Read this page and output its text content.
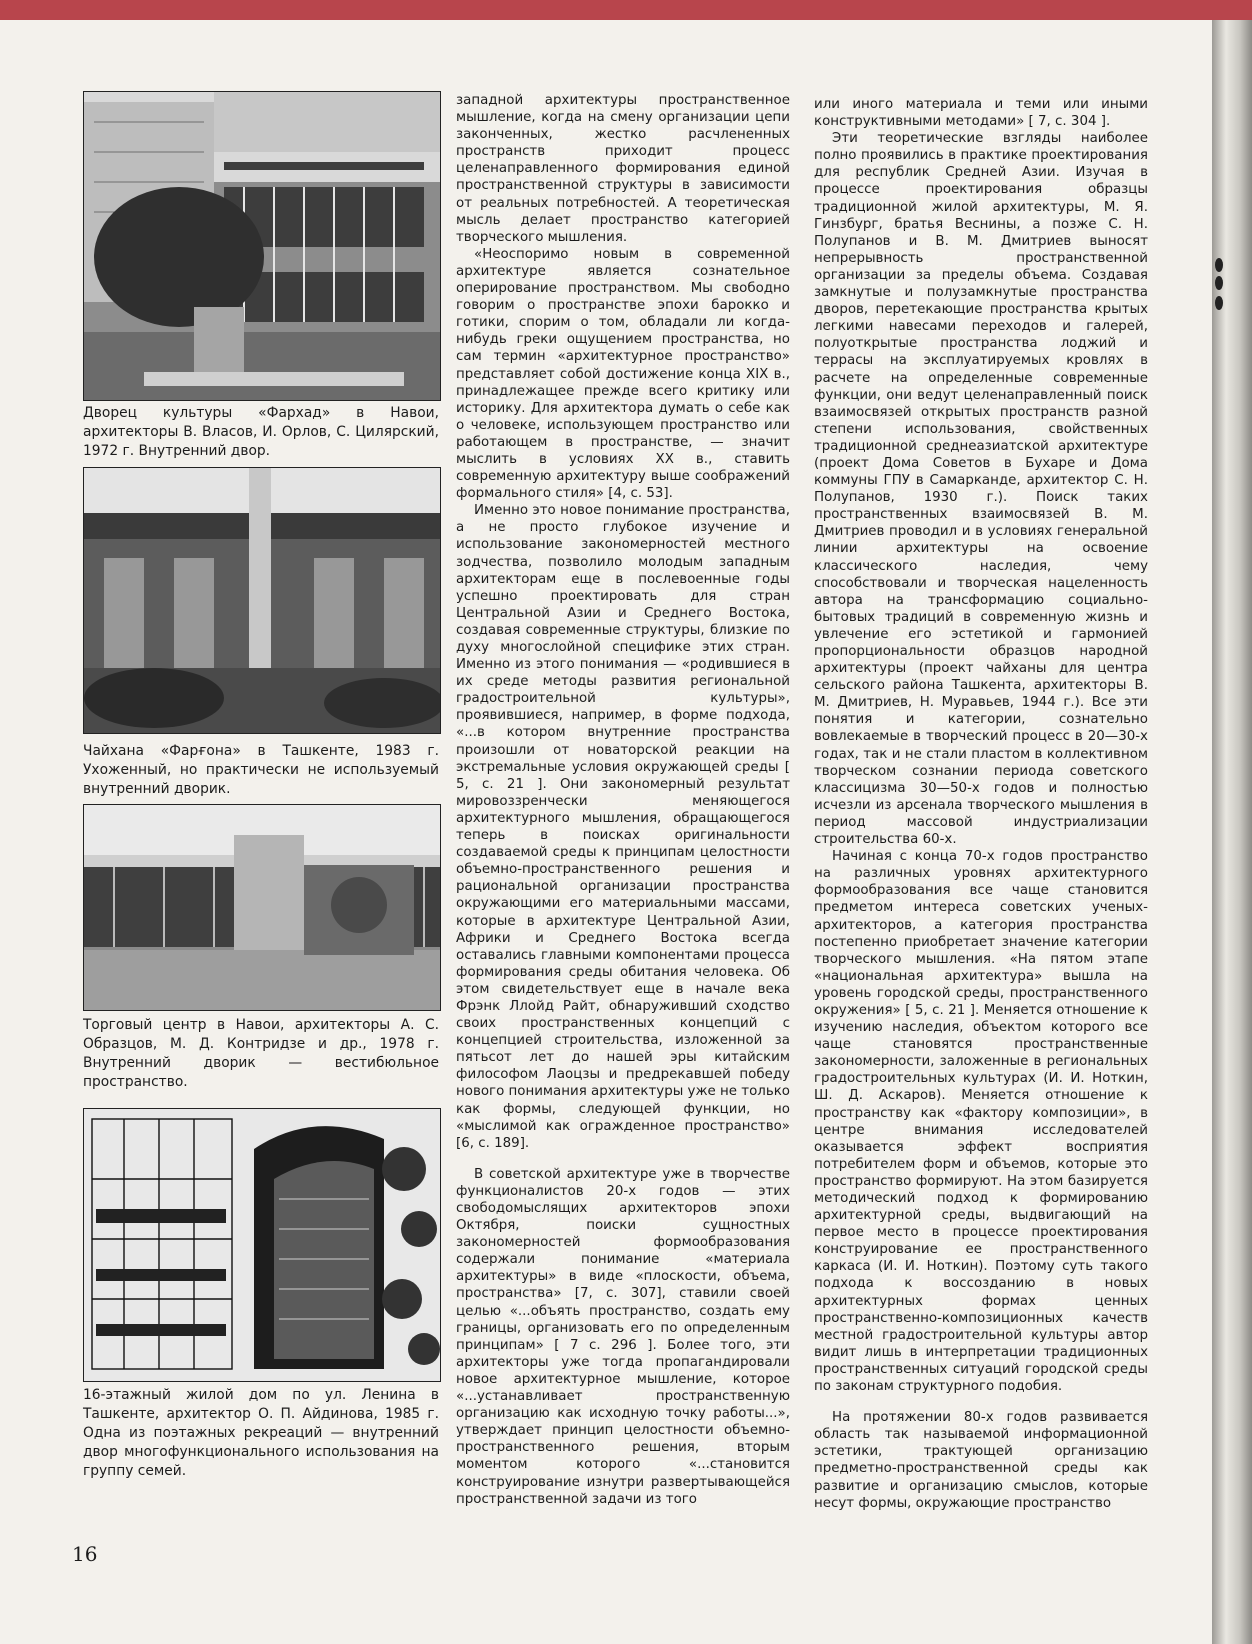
Дворец культуры «Фархад» в Навои, архитекторы В. Власов, И. Орлов, С. Цилярский, 1972 г. Внутренний двор.

Чайхана «Фарғона» в Ташкенте, 1983 г. Ухоженный, но практически не используемый внутренний дворик.

Торговый центр в Навои, архитекторы А. С. Образцов, М. Д. Контридзе и др., 1978 г. Внутренний дворик — вестибюльное пространство.

16-этажный жилой дом по ул. Ленина в Ташкенте, архитектор О. П. Айдинова, 1985 г. Одна из поэтажных рекреаций — внутренний двор многофункционального использования на группу семей.

западной архитектуры пространственное мышление, когда на смену организации цепи законченных, жестко расчлененных пространств приходит процесс целенаправленного формирования единой пространственной структуры в зависимости от реальных потребностей. А теоретическая мысль делает пространство категорией творческого мышления.

«Неоспоримо новым в современной архитектуре является сознательное оперирование пространством. Мы свободно говорим о пространстве эпохи барокко и готики, спорим о том, обладали ли когда-нибудь греки ощущением пространства, но сам термин «архитектурное пространство» представляет собой достижение конца XIX в., принадлежащее прежде всего критику или историку. Для архитектора думать о себе как о человеке, использующем пространство или работающем в пространстве, — значит мыслить в условиях XX в., ставить современную архитектуру выше соображений формального стиля» [4, с. 53].

Именно это новое понимание пространства, а не просто глубокое изучение и использование закономерностей местного зодчества, позволило молодым западным архитекторам еще в послевоенные годы успешно проектировать для стран Центральной Азии и Среднего Востока, создавая современные структуры, близкие по духу многослойной специфике этих стран. Именно из этого понимания — «родившиеся в их среде методы развития региональной градостроительной культуры», проявившиеся, например, в форме подхода, «...в котором внутренние пространства произошли от новаторской реакции на экстремальные условия окружающей среды [ 5, с. 21 ]. Они закономерный результат мировоззренчески меняющегося архитектурного мышления, обращающегося теперь в поисках оригинальности создаваемой среды к принципам целостности объемно-пространственного решения и рациональной организации пространства окружающими его материальными массами, которые в архитектуре Центральной Азии, Африки и Среднего Востока всегда оставались главными компонентами процесса формирования среды обитания человека. Об этом свидетельствует еще в начале века Фрэнк Ллойд Райт, обнаруживший сходство своих пространственных концепций с концепцией строительства, изложенной за пятьсот лет до нашей эры китайским философом Лаоцзы и предрекавшей победу нового понимания архитектуры уже не только как формы, следующей функции, но «мыслимой как огражденное пространство» [6, с. 189].

В советской архитектуре уже в творчестве функционалистов 20-х годов — этих свободомыслящих архитекторов эпохи Октября, поиски сущностных закономерностей формообразования содержали понимание «материала архитектуры» в виде «плоскости, объема, пространства» [7, с. 307], ставили своей целью «...объять пространство, создать ему границы, организовать его по определенным принципам» [ 7 с. 296 ]. Более того, эти архитекторы уже тогда пропагандировали новое архитектурное мышление, которое «...устанавливает пространственную организацию как исходную точку работы...», утверждает принцип целостности объемно-пространственного решения, вторым моментом которого «...становится конструирование изнутри развертывающейся пространственной задачи из того

или иного материала и теми или иными конструктивными методами» [ 7, с. 304 ].

Эти теоретические взгляды наиболее полно проявились в практике проектирования для республик Средней Азии. Изучая в процессе проектирования образцы традиционной жилой архитектуры, М. Я. Гинзбург, братья Веснины, а позже С. Н. Полупанов и В. М. Дмитриев выносят непрерывность пространственной организации за пределы объема. Создавая замкнутые и полузамкнутые пространства дворов, перетекающие пространства крытых легкими навесами переходов и галерей, полуоткрытые пространства лоджий и террасы на эксплуатируемых кровлях в расчете на определенные современные функции, они ведут целенаправленный поиск взаимосвязей открытых пространств разной степени использования, свойственных традиционной среднеазиатской архитектуре (проект Дома Советов в Бухаре и Дома коммуны ГПУ в Самарканде, архитектор С. Н. Полупанов, 1930 г.). Поиск таких пространственных взаимосвязей В. М. Дмитриев проводил и в условиях генеральной линии архитектуры на освоение классического наследия, чему способствовали и творческая нацеленность автора на трансформацию социально-бытовых традиций в современную жизнь и увлечение его эстетикой и гармонией пропорциональности образцов народной архитектуры (проект чайханы для центра сельского района Ташкента, архитекторы В. М. Дмитриев, Н. Муравьев, 1944 г.). Все эти понятия и категории, сознательно вовлекаемые в творческий процесс в 20—30-х годах, так и не стали пластом в коллективном творческом сознании периода советского классицизма 30—50-х годов и полностью исчезли из арсенала творческого мышления в период массовой индустриализации строительства 60-х.

Начиная с конца 70-х годов пространство на различных уровнях архитектурного формообразования все чаще становится предметом интереса советских ученых-архитекторов, а категория пространства постепенно приобретает значение категории творческого мышления. «На пятом этапе «национальная архитектура» вышла на уровень городской среды, пространственного окружения» [ 5, с. 21 ]. Меняется отношение к изучению наследия, объектом которого все чаще становятся пространственные закономерности, заложенные в региональных градостроительных культурах (И. И. Ноткин, Ш. Д. Аскаров). Меняется отношение к пространству как «фактору композиции», в центре внимания исследователей оказывается эффект восприятия потребителем форм и объемов, которые это пространство формируют. На этом базируется методический подход к формированию архитектурной среды, выдвигающий на первое место в процессе проектирования конструирование ее пространственного каркаса (И. И. Ноткин). Поэтому суть такого подхода к воссозданию в новых архитектурных формах ценных пространственно-композиционных качеств местной градостроительной культуры автор видит лишь в интерпретации традиционных пространственных ситуаций городской среды по законам структурного подобия.

На протяжении 80-х годов развивается область так называемой информационной эстетики, трактующей организацию предметно-пространственной среды как развитие и организацию смыслов, которые несут формы, окружающие пространство

16
